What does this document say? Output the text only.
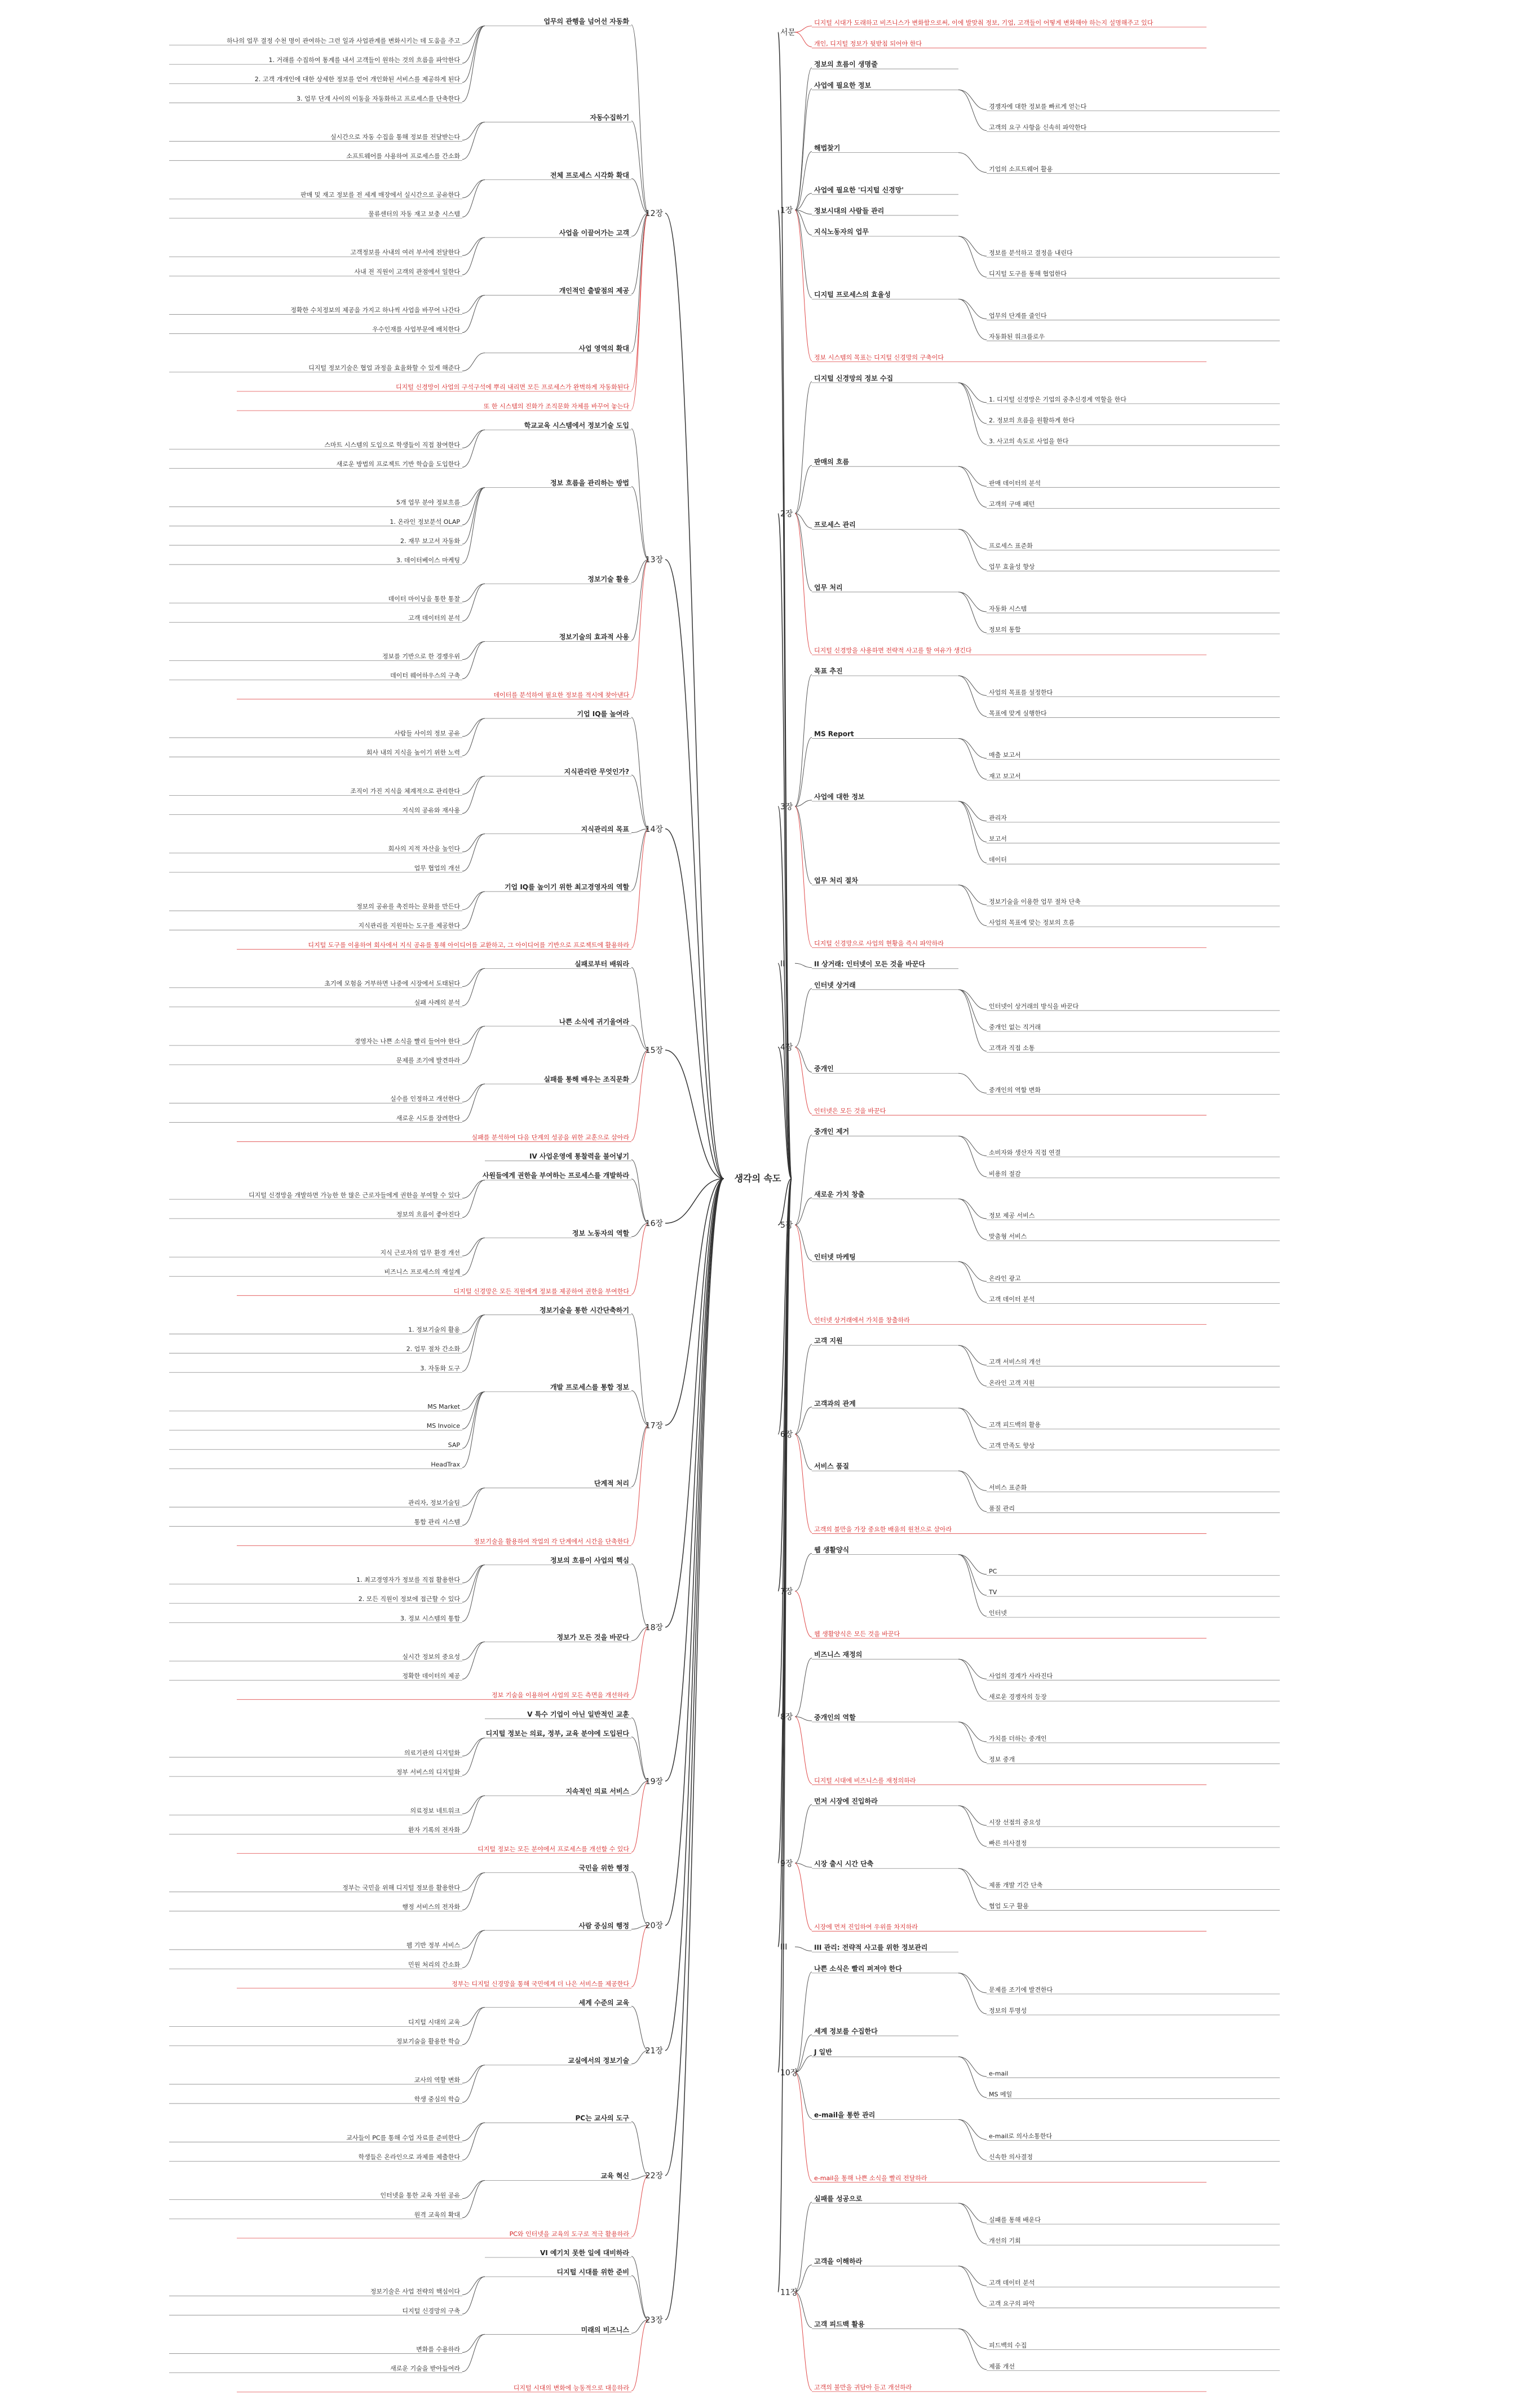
생각의 속도
12장
업무의 관행을 넘어선 자동화
하나의 업무 결정 수천 명이 관여하는 그런 일과 사업관계를 변화시키는 데 도움을 주고
1. 거래를 수집하여 통계를 내서 고객들이 원하는 것의 흐름을 파악한다
2. 고객 개개인에 대한 상세한 정보를 얻어 개인화된 서비스를 제공하게 된다
3. 업무 단계 사이의 이동을 자동화하고 프로세스를 단축한다
자동수집하기
실시간으로 자동 수집을 통해 정보를 전달받는다
소프트웨어를 사용하여 프로세스를 간소화
전체 프로세스 시각화 확대
판매 및 재고 정보를 전 세계 매장에서 실시간으로 공유한다
물류센터의 자동 재고 보충 시스템
사업을 이끌어가는 고객
고객정보를 사내의 여러 부서에 전달한다
사내 전 직원이 고객의 관점에서 일한다
개인적인 출발점의 제공
정확한 수치정보의 제공을 가지고 하나씩 사업을 바꾸어 나간다
우수인재를 사업부문에 배치한다
사업 영역의 확대
디지털 정보기술은 협업 과정을 효율화할 수 있게 해준다
디지털 신경망이 사업의 구석구석에 뿌리 내리면 모든 프로세스가 완벽하게 자동화된다
또 한 시스템의 진화가 조직문화 자체를 바꾸어 놓는다
13장
학교교육 시스템에서 정보기술 도입
스마트 시스템의 도입으로 학생들이 직접 참여한다
새로운 방법의 프로젝트 기반 학습을 도입한다
정보 흐름을 관리하는 방법
5개 업무 분야 정보흐름
1. 온라인 정보분석 OLAP
2. 재무 보고서 자동화
3. 데이터베이스 마케팅
정보기술 활용
데이터 마이닝을 통한 통찰
고객 데이터의 분석
정보기술의 효과적 사용
정보를 기반으로 한 경쟁우위
데이터 웨어하우스의 구축
데이터를 분석하여 필요한 정보를 적시에 찾아낸다
14장
기업 IQ를 높여라
사람들 사이의 정보 공유
회사 내의 지식을 높이기 위한 노력
지식관리란 무엇인가?
조직이 가진 지식을 체계적으로 관리한다
지식의 공유와 재사용
지식관리의 목표
회사의 지적 자산을 높인다
업무 협업의 개선
기업 IQ를 높이기 위한 최고경영자의 역할
정보의 공유를 촉진하는 문화를 만든다
지식관리를 지원하는 도구를 제공한다
디지털 도구를 이용하여 회사에서 지식 공유를 통해 아이디어를 교환하고, 그 아이디어를 기반으로 프로젝트에 활용하라
15장
실패로부터 배워라
초기에 모험을 거부하면 나중에 시장에서 도태된다
실패 사례의 분석
나쁜 소식에 귀기울여라
경영자는 나쁜 소식을 빨리 들어야 한다
문제를 조기에 발견하라
실패를 통해 배우는 조직문화
실수를 인정하고 개선한다
새로운 시도를 장려한다
실패를 분석하여 다음 단계의 성공을 위한 교훈으로 삼아라
16장
IV 사업운영에 통찰력을 불어넣기
사원들에게 권한을 부여하는 프로세스를 개발하라
디지털 신경망을 개발하면 가능한 한 많은 근로자들에게 권한을 부여할 수 있다
정보의 흐름이 좋아진다
정보 노동자의 역할
지식 근로자의 업무 환경 개선
비즈니스 프로세스의 재설계
디지털 신경망은 모든 직원에게 정보를 제공하여 권한을 부여한다
17장
정보기술을 통한 시간단축하기
1. 정보기술의 활용
2. 업무 절차 간소화
3. 자동화 도구
개발 프로세스를 통합 정보
MS Market
MS Invoice
SAP
HeadTrax
단계적 처리
관리자, 정보기술팀
통합 관리 시스템
정보기술을 활용하여 작업의 각 단계에서 시간을 단축한다
18장
정보의 흐름이 사업의 핵심
1. 최고경영자가 정보를 직접 활용한다
2. 모든 직원이 정보에 접근할 수 있다
3. 정보 시스템의 통합
정보가 모든 것을 바꾼다
실시간 정보의 중요성
정확한 데이터의 제공
정보 기술을 이용하여 사업의 모든 측면을 개선하라
19장
V 특수 기업이 아닌 일반적인 교훈
디지털 정보는 의료, 정부, 교육 분야에 도입된다
의료기관의 디지털화
정부 서비스의 디지털화
지속적인 의료 서비스
의료정보 네트워크
환자 기록의 전자화
디지털 정보는 모든 분야에서 프로세스를 개선할 수 있다
20장
국민을 위한 행정
정부는 국민을 위해 디지털 정보를 활용한다
행정 서비스의 전자화
사람 중심의 행정
웹 기반 정부 서비스
민원 처리의 간소화
정부는 디지털 신경망을 통해 국민에게 더 나은 서비스를 제공한다
21장
세계 수준의 교육
디지털 시대의 교육
정보기술을 활용한 학습
교실에서의 정보기술
교사의 역할 변화
학생 중심의 학습
22장
PC는 교사의 도구
교사들이 PC를 통해 수업 자료를 준비한다
학생들은 온라인으로 과제를 제출한다
교육 혁신
인터넷을 통한 교육 자원 공유
원격 교육의 확대
PC와 인터넷을 교육의 도구로 적극 활용하라
23장
VI 예기치 못한 일에 대비하라
디지털 시대를 위한 준비
정보기술은 사업 전략의 핵심이다
디지털 신경망의 구축
미래의 비즈니스
변화를 수용하라
새로운 기술을 받아들여라
디지털 시대의 변화에 능동적으로 대응하라
서문
디지털 시대가 도래하고 비즈니스가 변화함으로써, 이에 발맞춰 정보, 기업, 고객들이 어떻게 변화해야 하는지 설명해주고 있다
개인, 디지털 정보가 뒷받침 되어야 한다
1장
정보의 흐름이 생명줄
사업에 필요한 정보
경쟁자에 대한 정보를 빠르게 얻는다
고객의 요구 사항을 신속히 파악한다
해법찾기
기업의 소프트웨어 활용
사업에 필요한 '디지털 신경망'
정보시대의 사람들 관리
지식노동자의 업무
정보를 분석하고 결정을 내린다
디지털 도구를 통해 협업한다
디지털 프로세스의 효율성
업무의 단계를 줄인다
자동화된 워크플로우
정보 시스템의 목표는 디지털 신경망의 구축이다
2장
디지털 신경망의 정보 수집
1. 디지털 신경망은 기업의 중추신경계 역할을 한다
2. 정보의 흐름을 원활하게 한다
3. 사고의 속도로 사업을 한다
판매의 흐름
판매 데이터의 분석
고객의 구매 패턴
프로세스 관리
프로세스 표준화
업무 효율성 향상
업무 처리
자동화 시스템
정보의 통합
디지털 신경망을 사용하면 전략적 사고를 할 여유가 생긴다
3장
목표 추진
사업의 목표를 설정한다
목표에 맞게 실행한다
MS Report
매출 보고서
재고 보고서
사업에 대한 정보
관리자
보고서
데이터
업무 처리 절차
정보기술을 이용한 업무 절차 단축
사업의 목표에 맞는 정보의 흐름
디지털 신경망으로 사업의 현황을 즉시 파악하라
II	II 상거래: 인터넷이 모든 것을 바꾼다
4장
인터넷 상거래
인터넷이 상거래의 방식을 바꾼다
중개인 없는 직거래
고객과 직접 소통
중개인
중개인의 역할 변화
인터넷은 모든 것을 바꾼다
5장
중개인 제거
소비자와 생산자 직접 연결
비용의 절감
새로운 가치 창출
정보 제공 서비스
맞춤형 서비스
인터넷 마케팅
온라인 광고
고객 데이터 분석
인터넷 상거래에서 가치를 창출하라
6장
고객 지원
고객 서비스의 개선
온라인 고객 지원
고객과의 관계
고객 피드백의 활용
고객 만족도 향상
서비스 품질
서비스 표준화
품질 관리
고객의 불만을 가장 중요한 배움의 원천으로 삼아라
7장
웹 생활양식
PC
TV
인터넷
웹 생활양식은 모든 것을 바꾼다
8장
비즈니스 재정의
사업의 경계가 사라진다
새로운 경쟁자의 등장
중개인의 역할
가치를 더하는 중개인
정보 중개
디지털 시대에 비즈니스를 재정의하라
9장
먼저 시장에 진입하라
시장 선점의 중요성
빠른 의사결정
시장 출시 시간 단축
제품 개발 기간 단축
협업 도구 활용
시장에 먼저 진입하여 우위를 차지하라
III	III 관리: 전략적 사고를 위한 정보관리
10장
나쁜 소식은 빨리 퍼져야 한다
문제를 조기에 발견한다
정보의 투명성
세계 정보를 수집한다
J 일반
e-mail
MS 메일
e-mail을 통한 관리
e-mail로 의사소통한다
신속한 의사결정
e-mail을 통해 나쁜 소식을 빨리 전달하라
11장
실패를 성공으로
실패를 통해 배운다
개선의 기회
고객을 이해하라
고객 데이터 분석
고객 요구의 파악
고객 피드백 활용
피드백의 수집
제품 개선
고객의 불만을 귀담아 듣고 개선하라
